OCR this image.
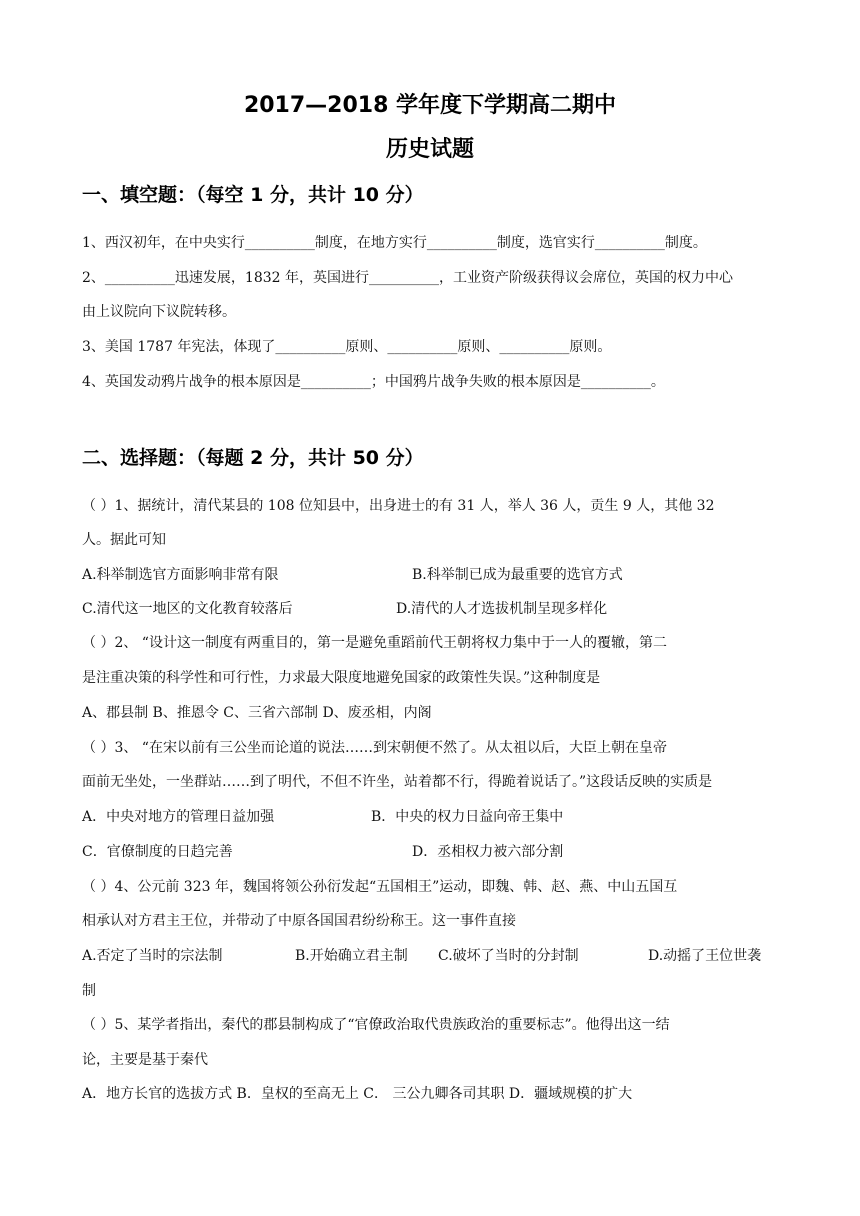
2017—2018 学年度下学期高二期中
历史试题
一、填空题：（每空 1 分，共计 10 分）
1、西汉初年，在中央实行__________制度，在地方实行__________制度，选官实行__________制度。
2、__________迅速发展，1832 年，英国进行__________，工业资产阶级获得议会席位，英国的权力中心
由上议院向下议院转移。
3、美国 1787 年宪法，体现了__________原则、__________原则、__________原则。
4、英国发动鸦片战争的根本原因是__________；中国鸦片战争失败的根本原因是__________。
二、选择题：（每题 2 分，共计 50 分）
（ ）1、据统计，清代某县的 108 位知县中，出身进士的有 31 人，举人 36 人，贡生 9 人，其他 32
人。据此可知
A.科举制选官方面影响非常有限	B.科举制已成为最重要的选官方式
C.清代这一地区的文化教育较落后	D.清代的人才选拔机制呈现多样化
（ ）2、 “设计这一制度有两重目的，第一是避免重蹈前代王朝将权力集中于一人的覆辙，第二
是注重决策的科学性和可行性，力求最大限度地避免国家的政策性失误。”这种制度是
A、郡县制 B、推恩令 C、三省六部制 D、废丞相，内阁
（ ）3、 “在宋以前有三公坐而论道的说法……到宋朝便不然了。从太祖以后，大臣上朝在皇帝
面前无坐处，一坐群站……到了明代，不但不许坐，站着都不行，得跪着说话了。”这段话反映的实质是
A．中央对地方的管理日益加强	B．中央的权力日益向帝王集中
C．官僚制度的日趋完善	D．丞相权力被六部分割
（ ）4、公元前 323 年，魏国将领公孙衍发起“五国相王”运动，即魏、韩、赵、燕、中山五国互
相承认对方君主王位，并带动了中原各国国君纷纷称王。这一事件直接
A.否定了当时的宗法制	B.开始确立君主制 C.破坏了当时的分封制	D.动摇了王位世袭
制
（ ）5、某学者指出，秦代的郡县制构成了“官僚政治取代贵族政治的重要标志”。他得出这一结
论，主要是基于秦代
A．地方长官的选拔方式 B．皇权的至高无上 C． 三公九卿各司其职 D．疆域规模的扩大
